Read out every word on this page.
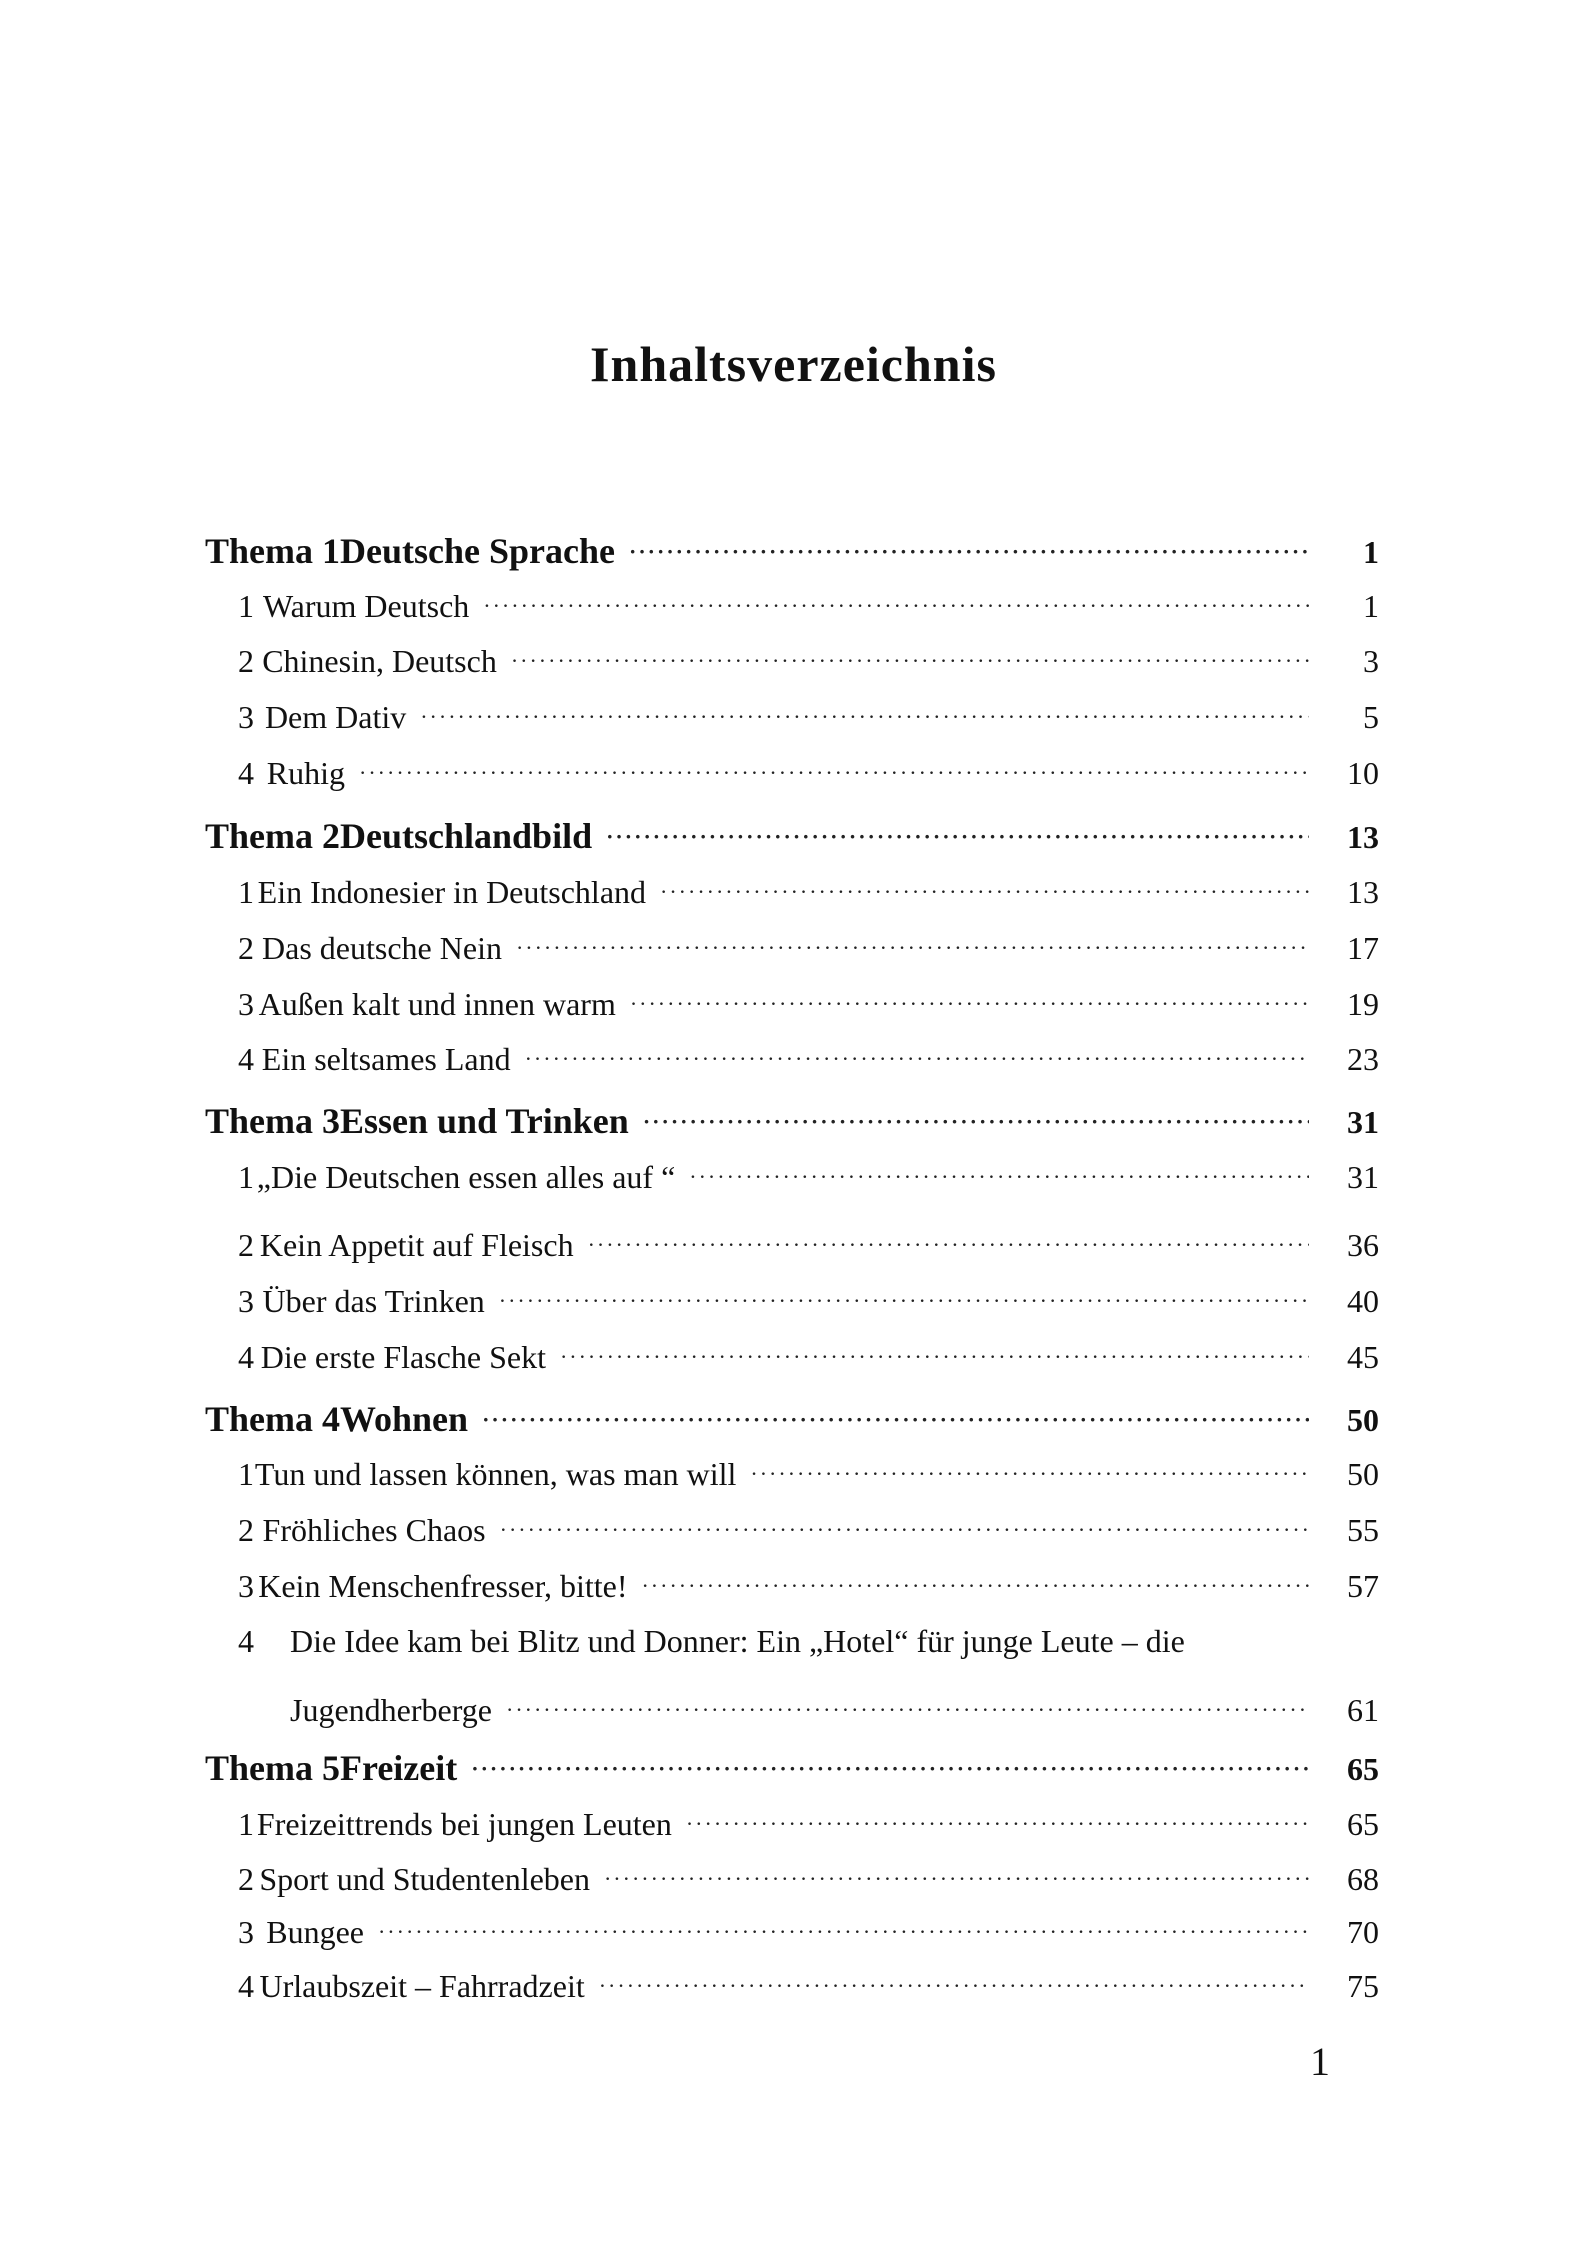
Inhaltsverzeichnis
Thema 1 Deutsche Sprache ·····	1
1 Warum Deutsch ·····	1
2 Chinesin, Deutsch ·····	3
3 Dem Dativ ·····	5
4 Ruhig ·····	10
Thema 2 Deutschlandbild ·····	13
1 Ein Indonesier in Deutschland ·····	13
2 Das deutsche Nein ·····	17
3 Außen kalt und innen warm ·····	19
4 Ein seltsames Land ·····	23
Thema 3 Essen und Trinken ·····	31
1 „Die Deutschen essen alles auf “ ·····	31
2 Kein Appetit auf Fleisch ·····	36
3 Über das Trinken ·····	40
4 Die erste Flasche Sekt ·····	45
Thema 4 Wohnen ·····	50
1 Tun und lassen können, was man will ·····	50
2 Fröhliches Chaos ·····	55
3 Kein Menschenfresser, bitte! ·····	57
4	Die Idee kam bei Blitz und Donner: Ein „Hotel“ für junge Leute – die
Jugendherberge ·····	61
Thema 5 Freizeit ·····	65
1 Freizeittrends bei jungen Leuten ·····	65
2 Sport und Studentenleben ·····	68
3 Bungee ·····	70
4 Urlaubszeit – Fahrradzeit ·····	75
1
